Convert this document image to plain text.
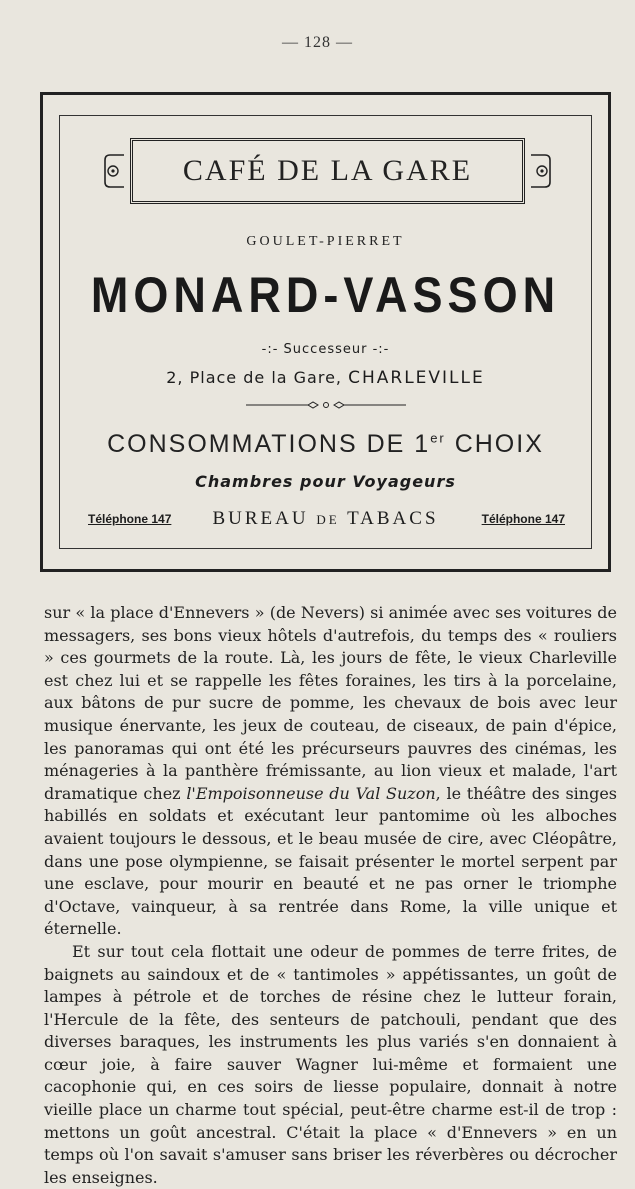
— 128 —
CAFÉ DE LA GARE
GOULET-PIERRET
MONARD-VASSON
-:- Successeur -:-
2, Place de la Gare, CHARLEVILLE
CONSOMMATIONS DE 1er CHOIX
Chambres pour Voyageurs
Téléphone 147	BUREAU DE TABACS	Téléphone 147

sur « la place d'Ennevers » (de Nevers) si animée avec ses voitures de messagers, ses bons vieux hôtels d'autrefois, du temps des « rouliers » ces gourmets de la route. Là, les jours de fête, le vieux Charleville est chez lui et se rappelle les fêtes foraines, les tirs à la porcelaine, aux bâtons de pur sucre de pomme, les chevaux de bois avec leur musique énervante, les jeux de couteau, de ciseaux, de pain d'épice, les panoramas qui ont été les précurseurs pauvres des cinémas, les ménageries à la panthère frémissante, au lion vieux et malade, l'art dramatique chez l'Empoisonneuse du Val Suzon, le théâtre des singes habillés en soldats et exécutant leur pantomime où les alboches avaient toujours le dessous, et le beau musée de cire, avec Cléopâtre, dans une pose olympienne, se faisait présenter le mortel serpent par une esclave, pour mourir en beauté et ne pas orner le triomphe d'Octave, vainqueur, à sa rentrée dans Rome, la ville unique et éternelle.

Et sur tout cela flottait une odeur de pommes de terre frites, de baignets au saindoux et de « tantimoles » appétissantes, un goût de lampes à pétrole et de torches de résine chez le lutteur forain, l'Hercule de la fête, des senteurs de patchouli, pendant que des diverses baraques, les instruments les plus variés s'en donnaient à cœur joie, à faire sauver Wagner lui-même et formaient une cacophonie qui, en ces soirs de liesse populaire, donnait à notre vieille place un charme tout spécial, peut-être charme est-il de trop : mettons un goût ancestral. C'était la place « d'Ennevers » en un temps où l'on savait s'amuser sans briser les réverbères ou décrocher les enseignes.
